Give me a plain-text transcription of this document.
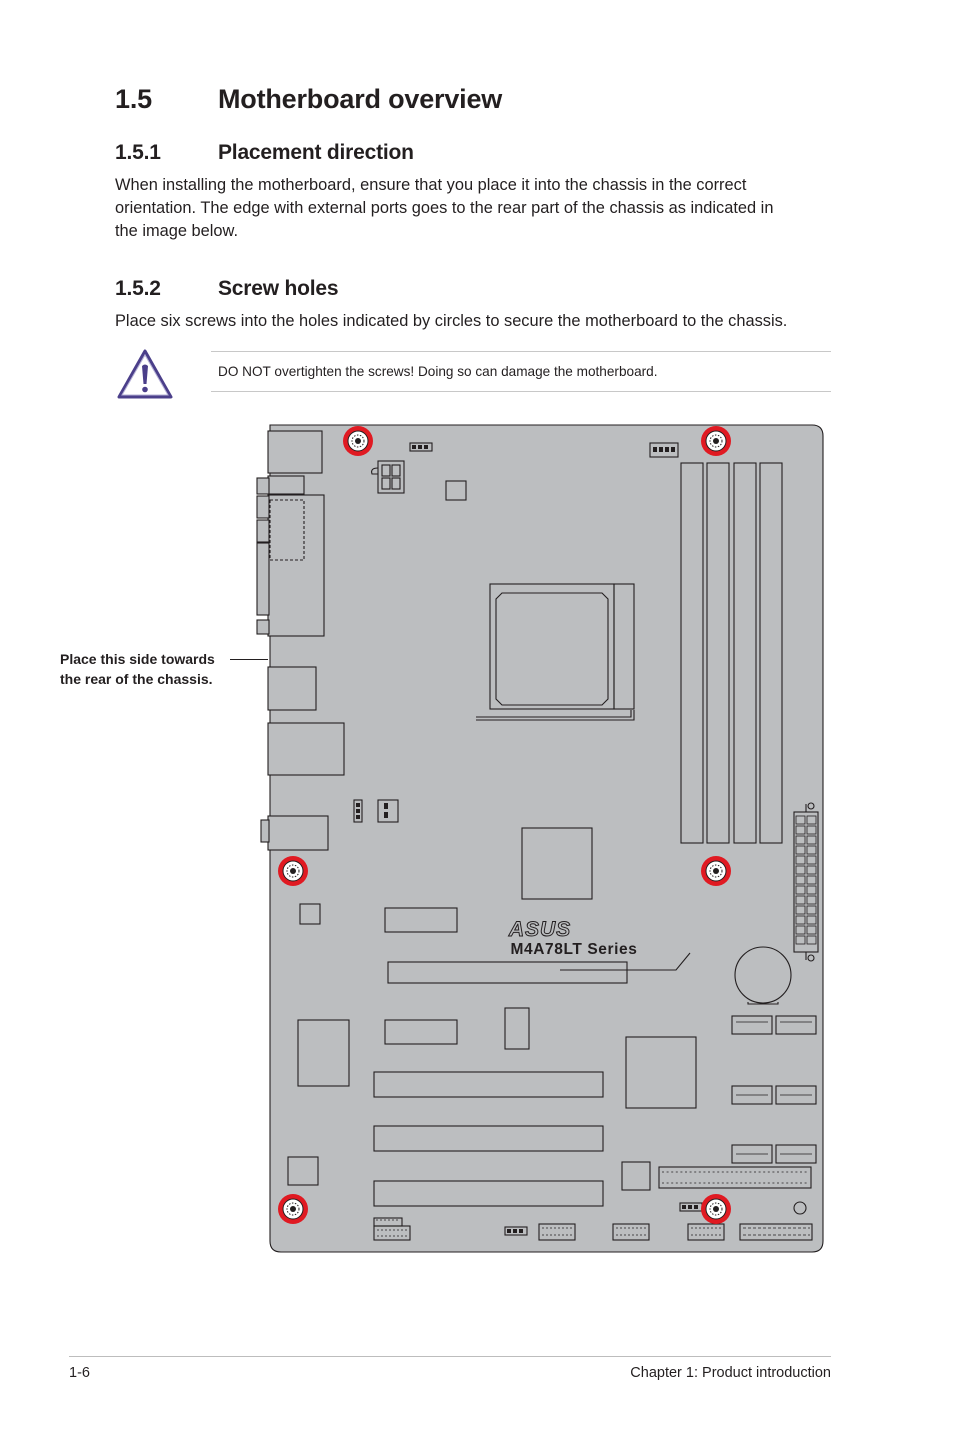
1.5 Motherboard overview
1.5.1	Placement direction
When installing the motherboard, ensure that you place it into the chassis in the correct
orientation. The edge with external ports goes to the rear part of the chassis as indicated in
the image below.
1.5.2	Screw holes
Place six screws into the holes indicated by circles to secure the motherboard to the chassis.
DO NOT overtighten the screws! Doing so can damage the motherboard.
Place this side towards
the rear of the chassis.
ASUS
M4A78LT Series
1-6	Chapter 1: Product introduction
